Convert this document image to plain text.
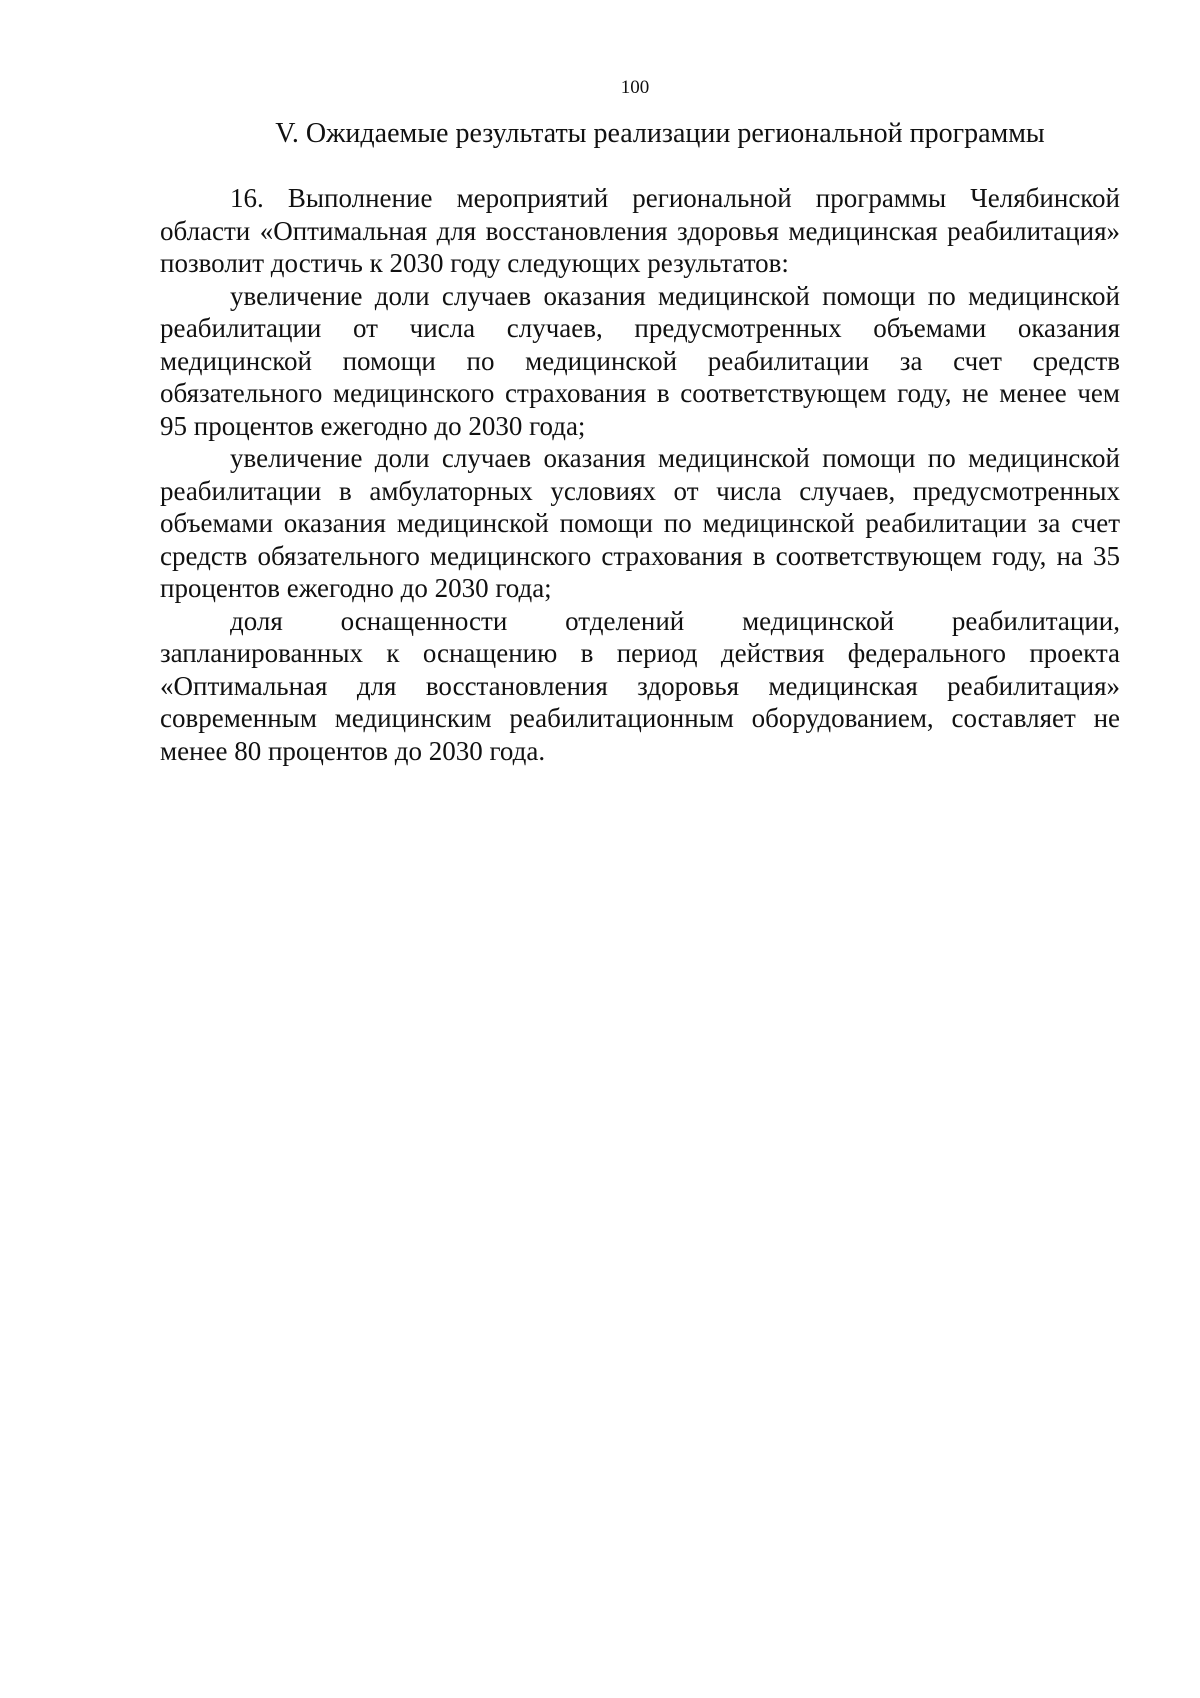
100
V. Ожидаемые результаты реализации региональной программы

16. Выполнение мероприятий региональной программы Челябинской области «Оптимальная для восстановления здоровья медицинская реабилитация» позволит достичь к 2030 году следующих результатов:

увеличение доли случаев оказания медицинской помощи по медицинской реабилитации от числа случаев, предусмотренных объемами оказания медицинской помощи по медицинской реабилитации за счет средств обязательного медицинского страхования в соответствующем году, не менее чем 95 процентов ежегодно до 2030 года;

увеличение доли случаев оказания медицинской помощи по медицинской реабилитации в амбулаторных условиях от числа случаев, предусмотренных объемами оказания медицинской помощи по медицинской реабилитации за счет средств обязательного медицинского страхования в соответствующем году, на 35 процентов ежегодно до 2030 года;

доля оснащенности отделений медицинской реабилитации, запланированных к оснащению в период действия федерального проекта «Оптимальная для восстановления здоровья медицинская реабилитация» современным медицинским реабилитационным оборудованием, составляет не менее 80 процентов до 2030 года.
